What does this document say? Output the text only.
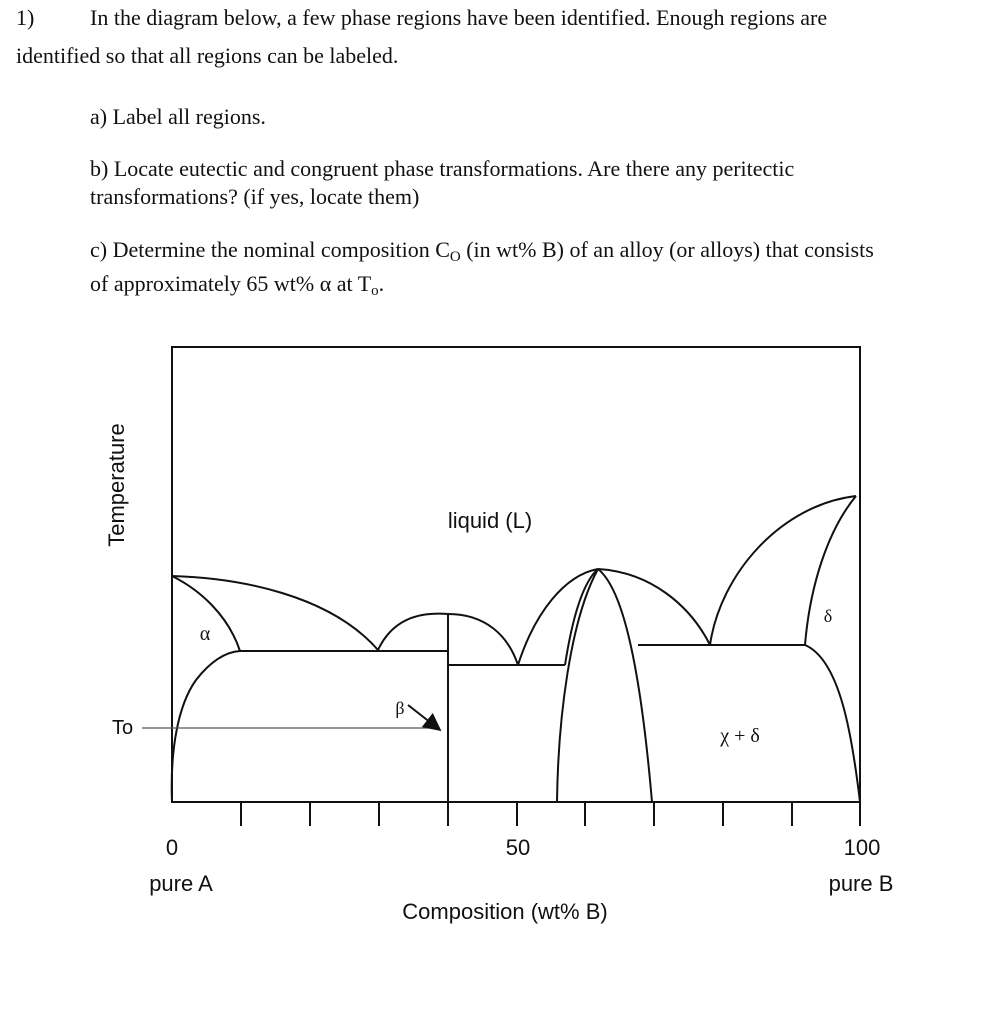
1)	In the diagram below, a few phase regions have been identified. Enough regions are
identified so that all regions can be labeled.
a) Label all regions.
b) Locate eutectic and congruent phase transformations. Are there any peritectic
transformations? (if yes, locate them)
c) Determine the nominal composition $C_O$ (in wt% B) of an alloy (or alloys) that consists
of approximately 65 wt% α at $T_o$.
Temperature	liquid (L)
α
β
δ
χ + δ
To
0	50	100
pure A	pure B
Composition (wt% B)
